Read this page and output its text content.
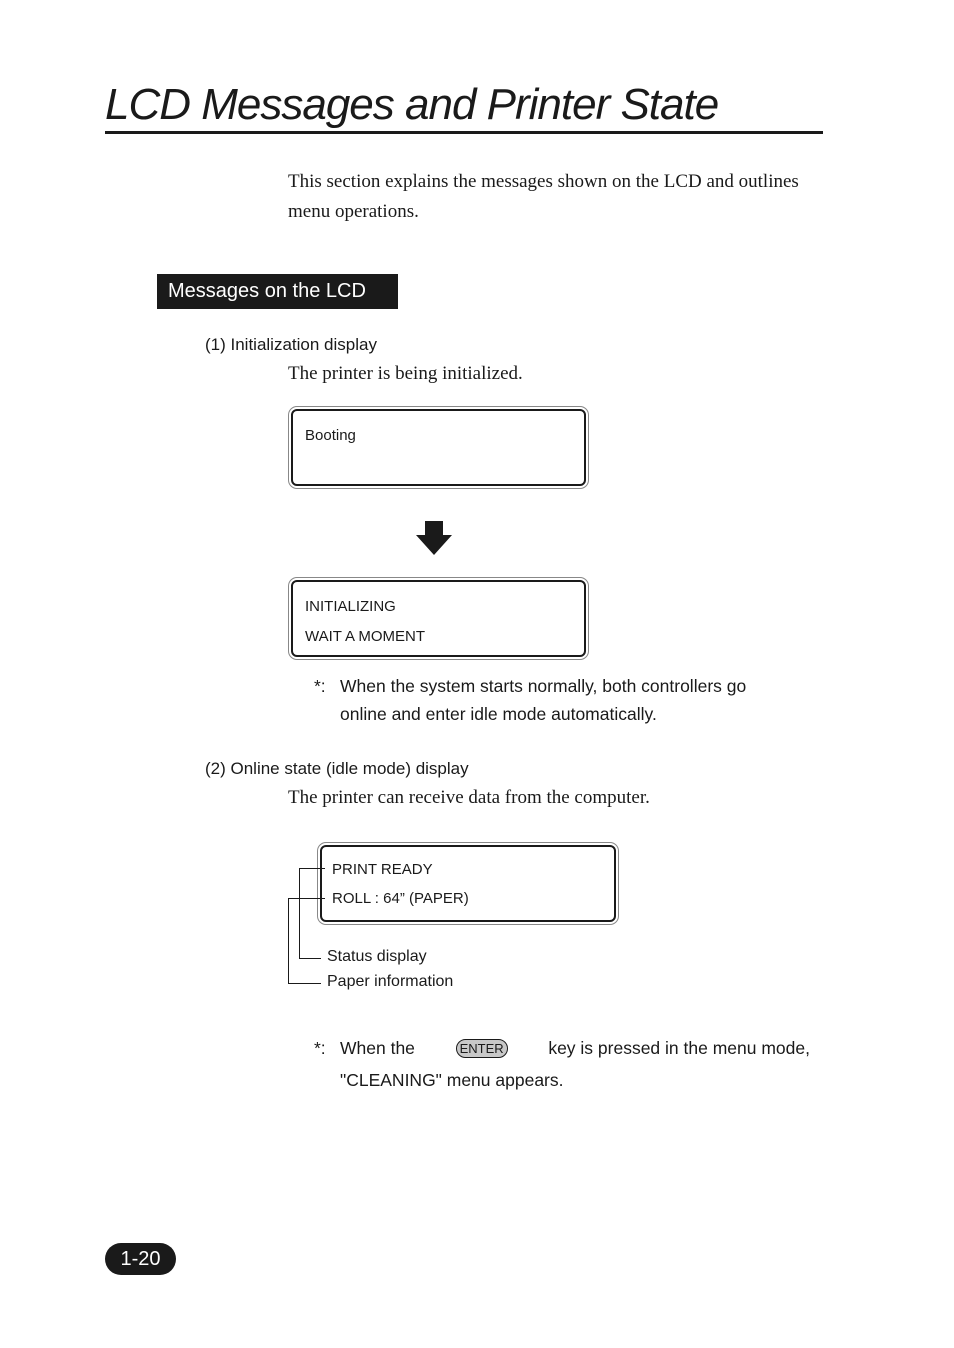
LCD Messages and Printer State
This section explains the messages shown on the LCD and outlines menu operations.
Messages on the LCD
(1) Initialization display
The printer is being initialized.
Booting
INITIALIZING
WAIT A MOMENT
*: When the system starts normally, both controllers go online and enter idle mode automatically.
(2) Online state (idle mode) display
The printer can receive data from the computer.
PRINT READY
ROLL : 64” (PAPER)
Status display
Paper information
*: When the	ENTER	key is pressed in the menu mode,
"CLEANING" menu appears.
1-20
